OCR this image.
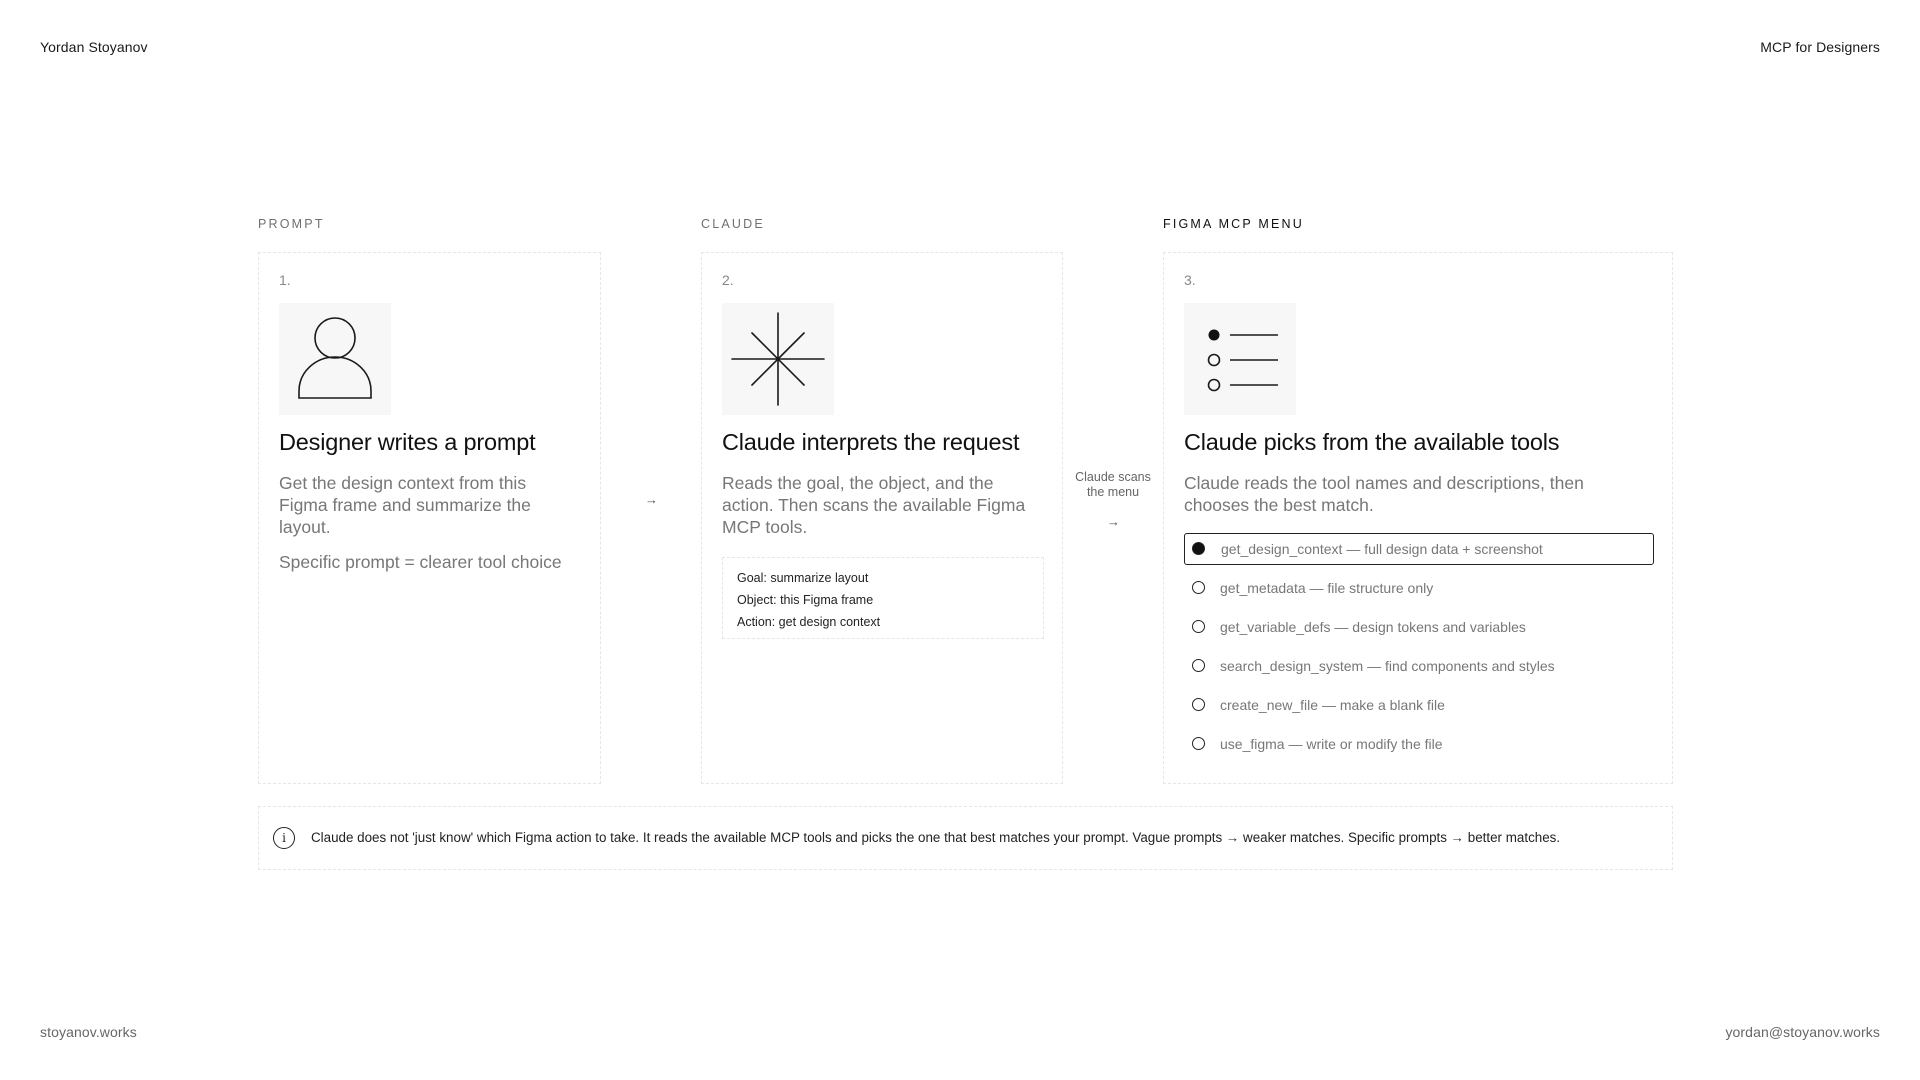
Yordan Stoyanov	MCP for Designers
stoyanov.works	yordan@stoyanov.works
PROMPT	CLAUDE	FIGMA MCP MENU
1.
Designer writes a prompt
Get the design context from this Figma frame and summarize the layout.
Specific prompt = clearer tool choice
→
2.
Claude interprets the request
Reads the goal, the object, and the action. Then scans the available Figma MCP tools.
Goal: summarize layout
Object: this Figma frame
Action: get design context
Claude scans the menu
→
3.
Claude picks from the available tools
Claude reads the tool names and descriptions, then chooses the best match.
get_design_context — full design data + screenshot
get_metadata — file structure only
get_variable_defs — design tokens and variables
search_design_system — find components and styles
create_new_file — make a blank file
use_figma — write or modify the file
i	Claude does not 'just know' which Figma action to take. It reads the available MCP tools and picks the one that best matches your prompt. Vague prompts → weaker matches. Specific prompts → better matches.
